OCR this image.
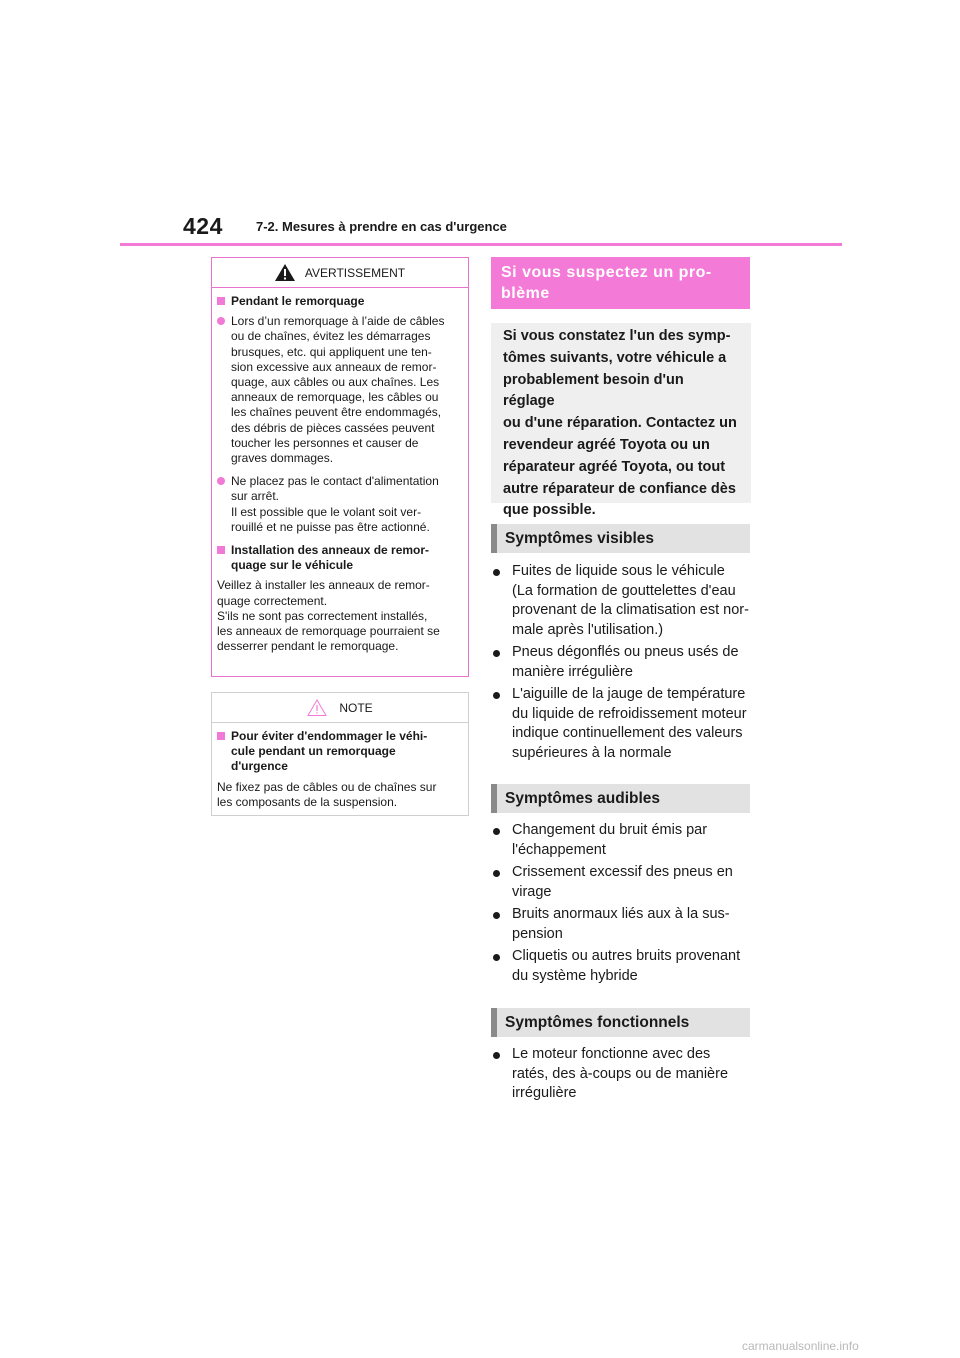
424	7-2. Mesures à prendre en cas d'urgence
AVERTISSEMENT
Pendant le remorquage
Lors d’un remorquage à l’aide de câbles
ou de chaînes, évitez les démarrages
brusques, etc. qui appliquent une ten-
sion excessive aux anneaux de remor-
quage, aux câbles ou aux chaînes. Les
anneaux de remorquage, les câbles ou
les chaînes peuvent être endommagés,
des débris de pièces cassées peuvent
toucher les personnes et causer de
graves dommages.
Ne placez pas le contact d'alimentation
sur arrêt.
Il est possible que le volant soit ver-
rouillé et ne puisse pas être actionné.
Installation des anneaux de remor-
quage sur le véhicule
Veillez à installer les anneaux de remor-
quage correctement.
S'ils ne sont pas correctement installés,
les anneaux de remorquage pourraient se
desserrer pendant le remorquage.
NOTE
Pour éviter d'endommager le véhi-
cule pendant un remorquage
d'urgence
Ne fixez pas de câbles ou de chaînes sur
les composants de la suspension.
Si vous suspectez un pro-
blème
Si vous constatez l'un des symp-
tômes suivants, votre véhicule a
probablement besoin d'un réglage
ou d'une réparation. Contactez un
revendeur agréé Toyota ou un
réparateur agréé Toyota, ou tout
autre réparateur de confiance dès
que possible.
Symptômes visibles
Fuites de liquide sous le véhicule
(La formation de gouttelettes d'eau
provenant de la climatisation est nor-
male après l'utilisation.)
Pneus dégonflés ou pneus usés de
manière irrégulière
L'aiguille de la jauge de température
du liquide de refroidissement moteur
indique continuellement des valeurs
supérieures à la normale
Symptômes audibles
Changement du bruit émis par
l'échappement
Crissement excessif des pneus en
virage
Bruits anormaux liés aux à la sus-
pension
Cliquetis ou autres bruits provenant
du système hybride
Symptômes fonctionnels
Le moteur fonctionne avec des
ratés, des à-coups ou de manière
irrégulière
carmanualsonline.info
